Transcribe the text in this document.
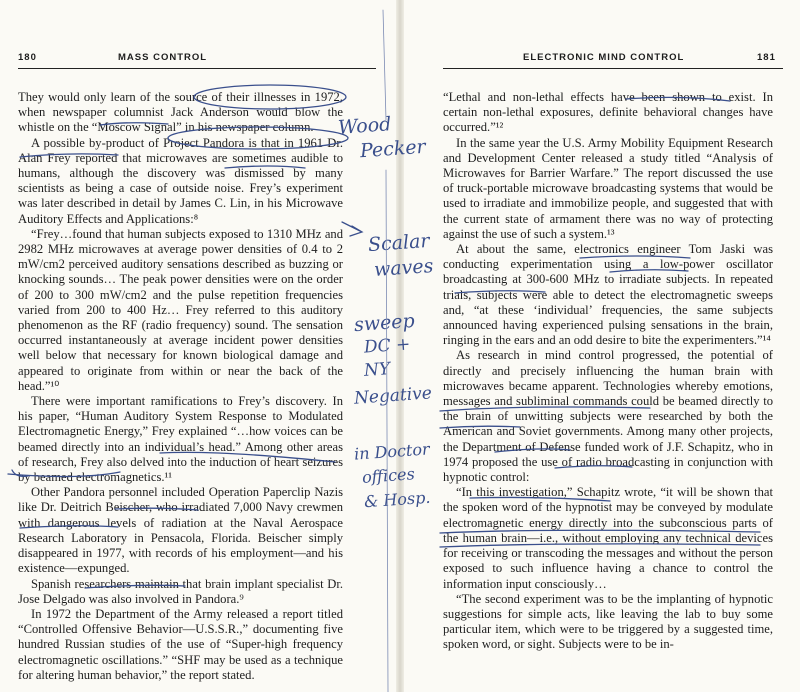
180	MASS CONTROL

They would only learn of the source of their illnesses in 1972, when newspaper columnist Jack Anderson would blow the whistle on the “Moscow Signal” in his newspaper column.

A possible by-product of Project Pandora is that in 1961 Dr. Alan Frey reported that microwaves are sometimes audible to humans, although the discovery was dismissed by many scientists as being a case of outside noise. Frey’s experiment was later described in detail by James C. Lin, in his Microwave Auditory Effects and Applications:⁸

“Frey…found that human subjects exposed to 1310 MHz and 2982 MHz microwaves at average power densities of 0.4 to 2 mW/cm2 perceived auditory sensations described as buzzing or knocking sounds… The peak power densities were on the order of 200 to 300 mW/cm2 and the pulse repetition frequencies varied from 200 to 400 Hz… Frey referred to this auditory phenomenon as the RF (radio frequency) sound. The sensation occurred instantaneously at average incident power densities well below that necessary for known biological damage and appeared to originate from within or near the back of the head.”¹⁰

There were important ramifications to Frey’s discovery. In his paper, “Human Auditory System Response to Modulated Electromagnetic Energy,” Frey explained “…how voices can be beamed directly into an individual’s head.” Among other areas of research, Frey also delved into the induction of heart seizures by beamed electromagnetics.¹¹

Other Pandora personnel included Operation Paperclip Nazis like Dr. Deitrich Beischer, who irradiated 7,000 Navy crewmen with dangerous levels of radiation at the Naval Aerospace Research Laboratory in Pensacola, Florida. Beischer simply disappeared in 1977, with records of his employment—and his existence—expunged.

Spanish researchers maintain that brain implant specialist Dr. Jose Delgado was also involved in Pandora.⁹

In 1972 the Department of the Army released a report titled “Controlled Offensive Behavior—U.S.S.R.,” documenting five hundred Russian studies of the use of “Super-high frequency electromagnetic oscillations.” “SHF may be used as a technique for altering human behavior,” the report stated.

ELECTRONIC MIND CONTROL	181

“Lethal and non-lethal effects have been shown to exist. In certain non-lethal exposures, definite behavioral changes have occurred.”¹²

In the same year the U.S. Army Mobility Equipment Research and Development Center released a study titled “Analysis of Microwaves for Barrier Warfare.” The report discussed the use of truck-portable microwave broadcasting systems that would be used to irradiate and immobilize people, and suggested that with the current state of armament there was no way of protecting against the use of such a system.¹³

At about the same, electronics engineer Tom Jaski was conducting experimentation using a low-power oscillator broadcasting at 300-600 MHz to irradiate subjects. In repeated trials, subjects were able to detect the electromagnetic sweeps and, “at these ‘individual’ frequencies, the same subjects announced having experienced pulsing sensations in the brain, ringing in the ears and an odd desire to bite the experimenters.”¹⁴

As research in mind control progressed, the potential of directly and precisely influencing the human brain with microwaves became apparent. Technologies whereby emotions, messages and subliminal commands could be beamed directly to the brain of unwitting subjects were researched by both the American and Soviet governments. Among many other projects, the Department of Defense funded work of J.F. Schapitz, who in 1974 proposed the use of radio broadcasting in conjunction with hypnotic control:

“In this investigation,” Schapitz wrote, “it will be shown that the spoken word of the hypnotist may be conveyed by modulate electromagnetic energy directly into the subconscious parts of the human brain—i.e., without employing any technical devices for receiving or transcoding the messages and without the person exposed to such influence having a chance to control the information input consciously…

“The second experiment was to be the implanting of hypnotic suggestions for simple acts, like leaving the lab to buy some particular item, which were to be triggered by a suggested time, spoken word, or sight. Subjects were to be in-

Wood
Pecker
Scalar
waves
sweep
DC +
NY
Negative
in Doctor
offices
& Hosp.
